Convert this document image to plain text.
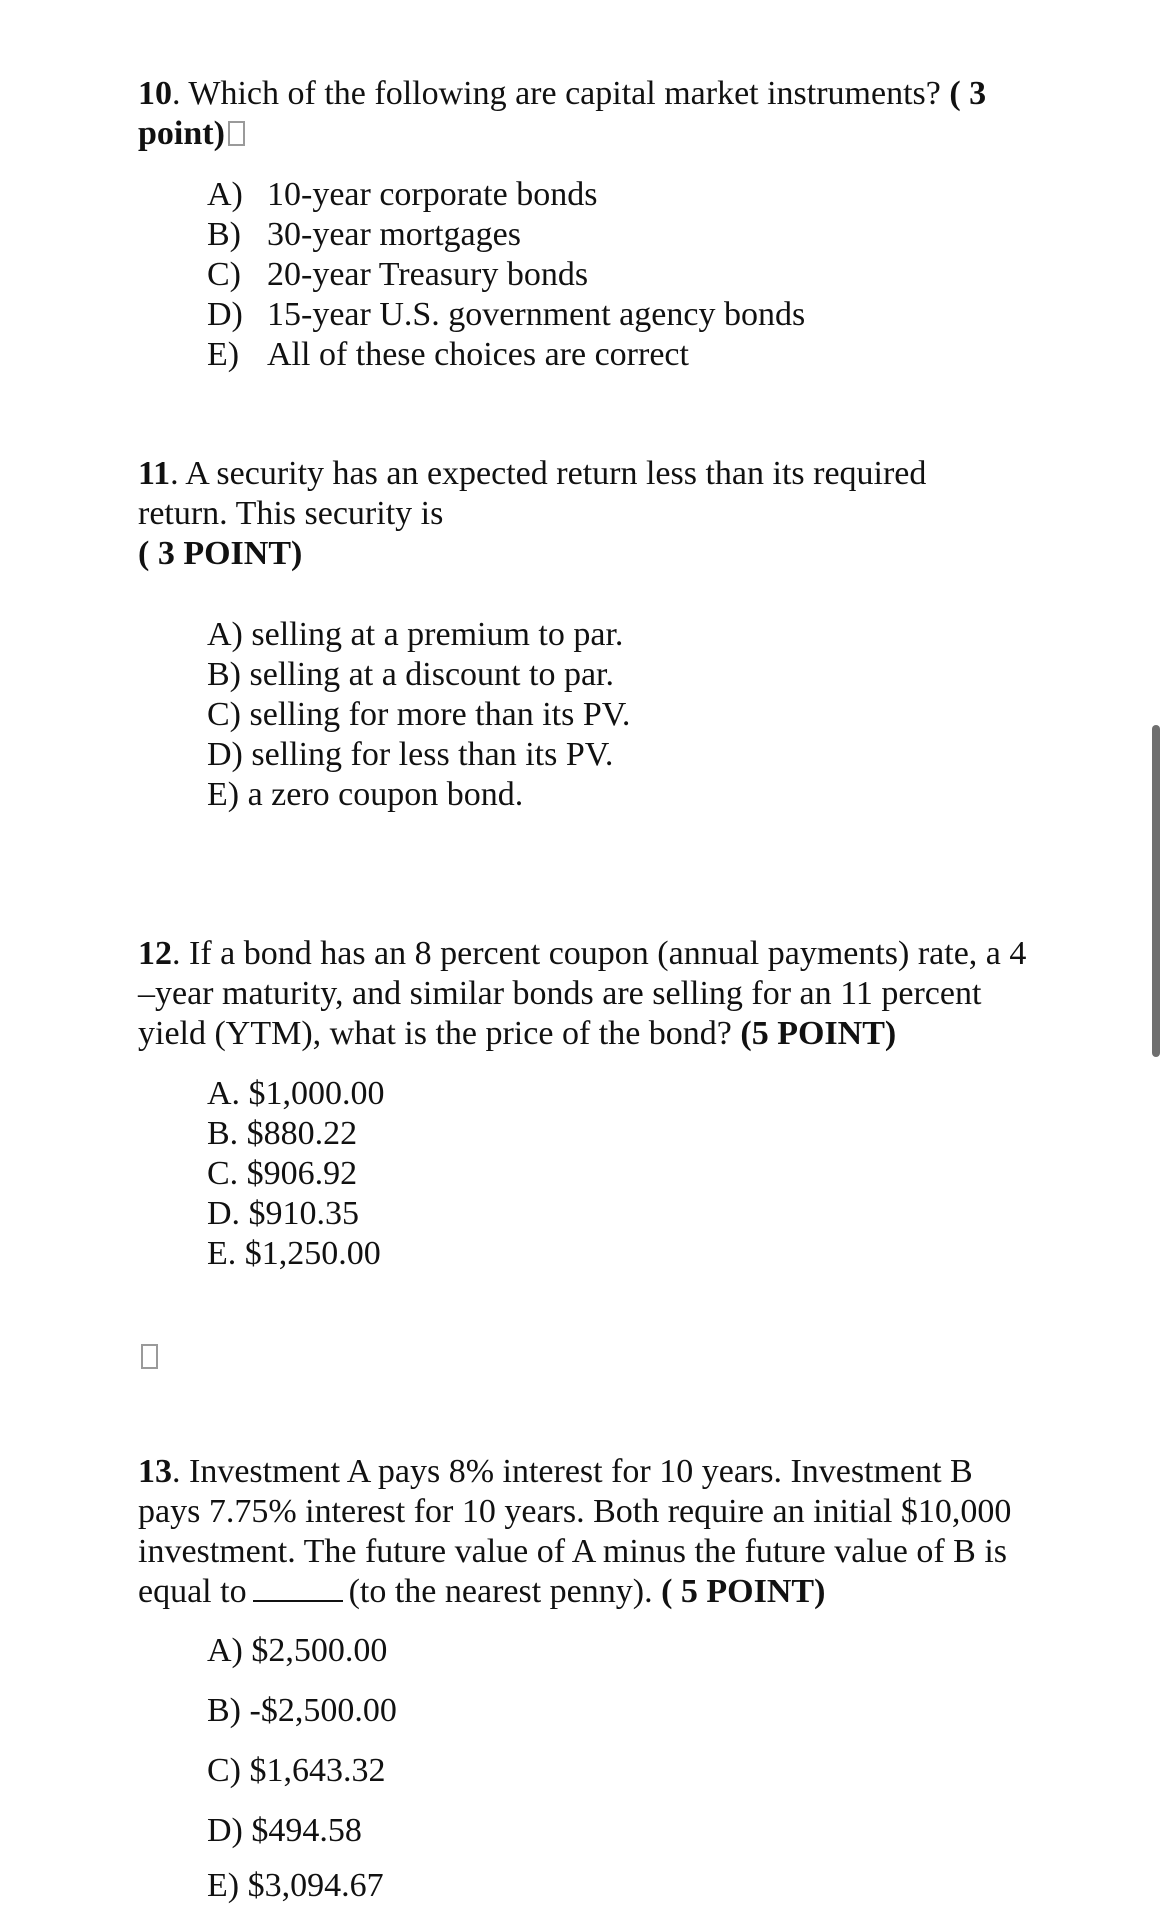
10. Which of the following are capital market instruments? ( 3 point)
A) 10-year corporate bonds
B) 30-year mortgages
C) 20-year Treasury bonds
D) 15-year U.S. government agency bonds
E) All of these choices are correct
11. A security has an expected return less than its required
return. This security is
( 3 POINT)
A) selling at a premium to par.
B) selling at a discount to par.
C) selling for more than its PV.
D) selling for less than its PV.
E) a zero coupon bond.
12. If a bond has an 8 percent coupon (annual payments) rate, a 4 –year maturity, and similar bonds are selling for an 11 percent yield (YTM), what is the price of the bond? (5 POINT)
A. $1,000.00
B. $880.22
C. $906.92
D. $910.35
E. $1,250.00
13. Investment A pays 8% interest for 10 years. Investment B pays 7.75% interest for 10 years. Both require an initial $10,000 investment. The future value of A minus the future value of B is equal to	(to the nearest penny). ( 5 POINT)
A) $2,500.00
B) -$2,500.00
C) $1,643.32
D) $494.58
E) $3,094.67
